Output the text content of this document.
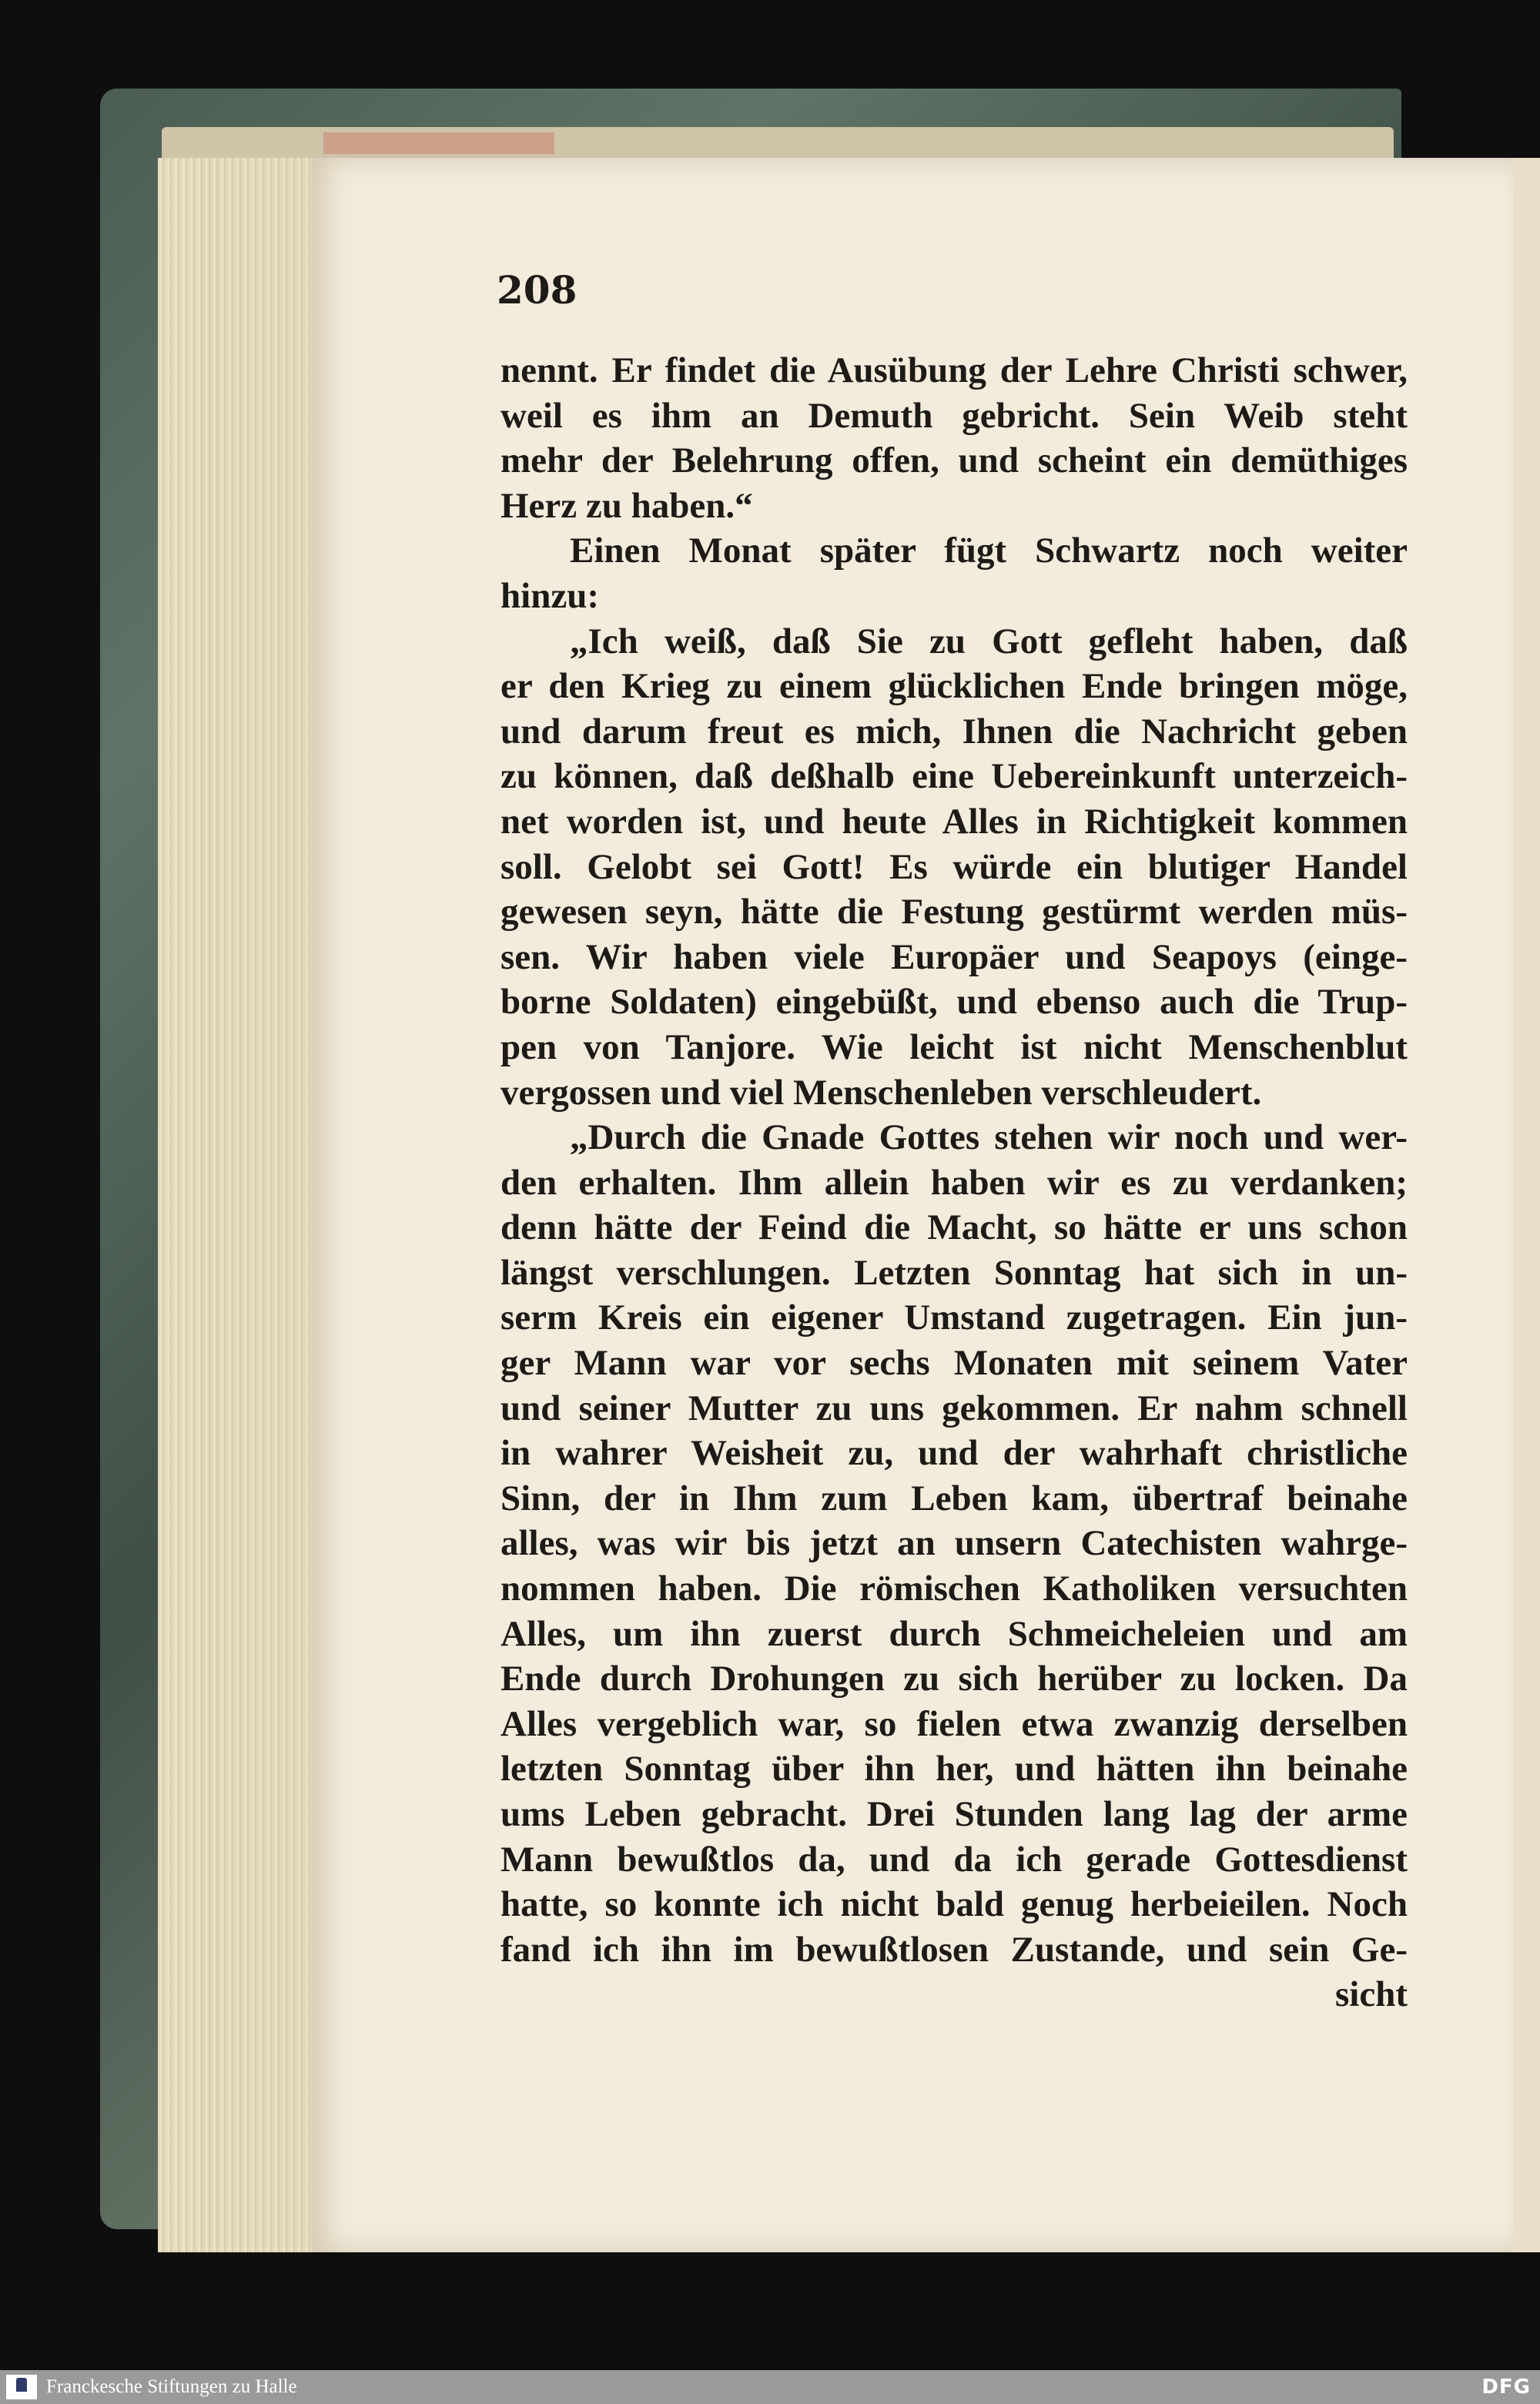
208
nennt. Er findet die Ausübung der Lehre Christi schwer,
weil es ihm an Demuth gebricht. Sein Weib steht
mehr der Belehrung offen, und scheint ein demüthiges
Herz zu haben.“
Einen Monat später fügt Schwartz noch weiter
hinzu:
„Ich weiß, daß Sie zu Gott gefleht haben, daß
er den Krieg zu einem glücklichen Ende bringen möge,
und darum freut es mich, Ihnen die Nachricht geben
zu können, daß deßhalb eine Uebereinkunft unterzeich-
net worden ist, und heute Alles in Richtigkeit kommen
soll. Gelobt sei Gott! Es würde ein blutiger Handel
gewesen seyn, hätte die Festung gestürmt werden müs-
sen. Wir haben viele Europäer und Seapoys (einge-
borne Soldaten) eingebüßt, und ebenso auch die Trup-
pen von Tanjore. Wie leicht ist nicht Menschenblut
vergossen und viel Menschenleben verschleudert.
„Durch die Gnade Gottes stehen wir noch und wer-
den erhalten. Ihm allein haben wir es zu verdanken;
denn hätte der Feind die Macht, so hätte er uns schon
längst verschlungen. Letzten Sonntag hat sich in un-
serm Kreis ein eigener Umstand zugetragen. Ein jun-
ger Mann war vor sechs Monaten mit seinem Vater
und seiner Mutter zu uns gekommen. Er nahm schnell
in wahrer Weisheit zu, und der wahrhaft christliche
Sinn, der in Ihm zum Leben kam, übertraf beinahe
alles, was wir bis jetzt an unsern Catechisten wahrge-
nommen haben. Die römischen Katholiken versuchten
Alles, um ihn zuerst durch Schmeicheleien und am
Ende durch Drohungen zu sich herüber zu locken. Da
Alles vergeblich war, so fielen etwa zwanzig derselben
letzten Sonntag über ihn her, und hätten ihn beinahe
ums Leben gebracht. Drei Stunden lang lag der arme
Mann bewußtlos da, und da ich gerade Gottesdienst
hatte, so konnte ich nicht bald genug herbeieilen. Noch
fand ich ihn im bewußtlosen Zustande, und sein Ge-
sicht
Franckesche Stiftungen zu Halle	DFG
